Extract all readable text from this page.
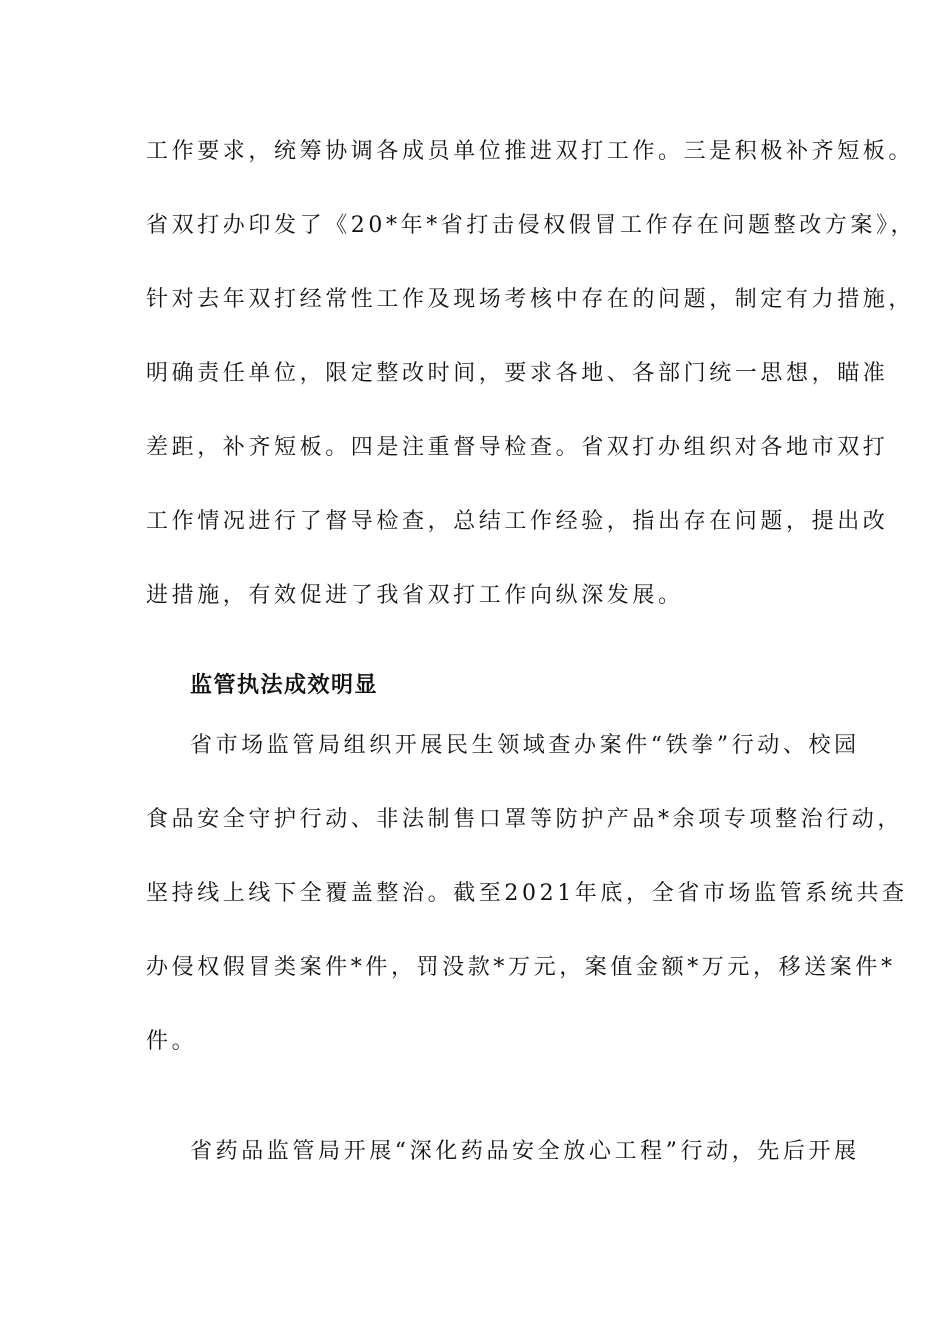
工作要求，统筹协调各成员单位推进双打工作。三是积极补齐短板。
省双打办印发了《20*年*省打击侵权假冒工作存在问题整改方案》，
针对去年双打经常性工作及现场考核中存在的问题，制定有力措施，
明确责任单位，限定整改时间，要求各地、各部门统一思想，瞄准
差距，补齐短板。四是注重督导检查。省双打办组织对各地市双打
工作情况进行了督导检查，总结工作经验，指出存在问题，提出改
进措施，有效促进了我省双打工作向纵深发展。
监管执法成效明显
省市场监管局组织开展民生领域查办案件“铁拳”行动、校园
食品安全守护行动、非法制售口罩等防护产品*余项专项整治行动，
坚持线上线下全覆盖整治。截至2021年底，全省市场监管系统共查
办侵权假冒类案件*件，罚没款*万元，案值金额*万元，移送案件*
件。
省药品监管局开展“深化药品安全放心工程”行动，先后开展
